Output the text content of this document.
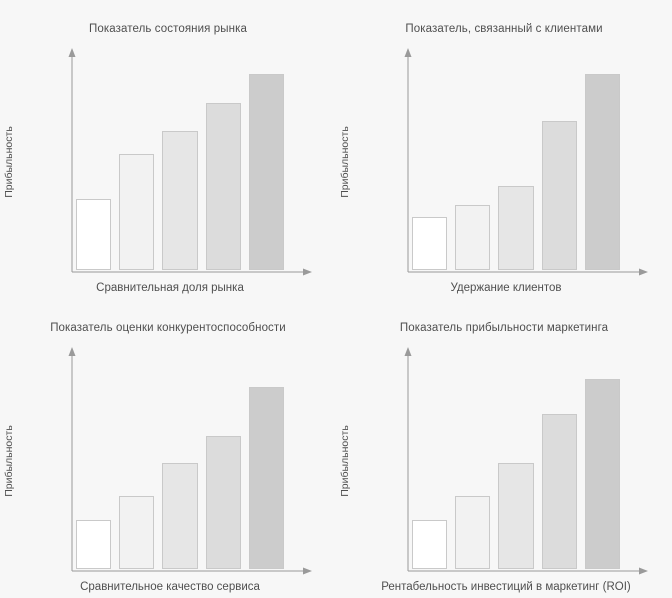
Показатель состояния рынка
Прибыльность
Сравнительная доля рынка
Показатель, связанный с клиентами
Прибыльность
Удержание клиентов
Показатель оценки конкурентоспособности
Прибыльность
Сравнительное качество сервиса
Показатель прибыльности маркетинга
Прибыльность
Рентабельность инвестиций в маркетинг (ROI)
